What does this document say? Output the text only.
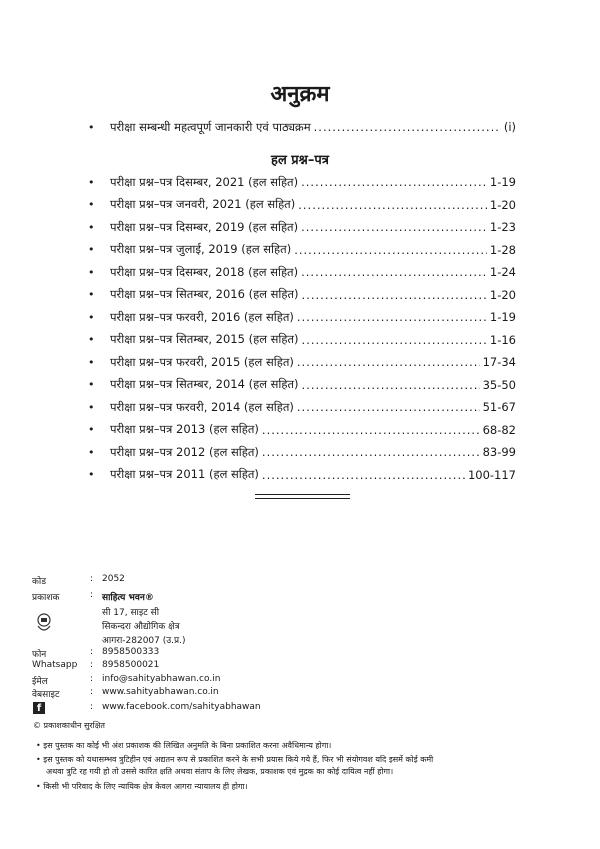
अनुक्रम
•	परीक्षा सम्बन्धी महत्वपूर्ण जानकारी एवं पाठ्यक्रम .....	(i)
हल प्रश्न–पत्र
•	परीक्षा प्रश्न–पत्र दिसम्बर, 2021 (हल सहित) .....	1-19
•	परीक्षा प्रश्न–पत्र जनवरी, 2021 (हल सहित) .....	1-20
•	परीक्षा प्रश्न–पत्र दिसम्बर, 2019 (हल सहित) .....	1-23
•	परीक्षा प्रश्न–पत्र जुलाई, 2019 (हल सहित) .....	1-28
•	परीक्षा प्रश्न–पत्र दिसम्बर, 2018 (हल सहित) .....	1-24
•	परीक्षा प्रश्न–पत्र सितम्बर, 2016 (हल सहित) .....	1-20
•	परीक्षा प्रश्न–पत्र फरवरी, 2016 (हल सहित) .....	1-19
•	परीक्षा प्रश्न–पत्र सितम्बर, 2015 (हल सहित) .....	1-16
•	परीक्षा प्रश्न–पत्र फरवरी, 2015 (हल सहित) .....	17-34
•	परीक्षा प्रश्न–पत्र सितम्बर, 2014 (हल सहित) .....	35-50
•	परीक्षा प्रश्न–पत्र फरवरी, 2014 (हल सहित) .....	51-67
•	परीक्षा प्रश्न–पत्र 2013 (हल सहित) .....	68-82
•	परीक्षा प्रश्न–पत्र 2012 (हल सहित) .....	83-99
•	परीक्षा प्रश्न–पत्र 2011 (हल सहित) .....	100-117
कोड	: 2052
प्रकाशक	: साहित्य भवन®
सी 17, साइट सी
सिकन्दरा औद्योगिक क्षेत्र
आगरा-282007 (उ.प्र.)
फोन	: 8958500333
Whatsapp	: 8958500021
ईमेल	: info@sahityabhawan.co.in
वेबसाइट	: www.sahityabhawan.co.in
f	: www.facebook.com/sahityabhawan
© प्रकाशकाधीन सुरक्षित
• इस पुस्तक का कोई भी अंश प्रकाशक की लिखित अनुमति के बिना प्रकाशित करना अवैधिमान्य होगा।
• इस पुस्तक को यथासम्भव त्रुटिहीन एवं अद्यतन रूप से प्रकाशित करने के सभी प्रयास किये गये हैं, फिर भी संयोगवश यदि इसमें कोई कमी
अथवा त्रुटि रह गयी हो तो उससे कारित क्षति अथवा संताप के लिए लेखक, प्रकाशक एवं मुद्रक का कोई दायित्व नहीं होगा।
• किसी भी परिवाद के लिए न्यायिक क्षेत्र केवल आगरा न्यायालय ही होगा।
